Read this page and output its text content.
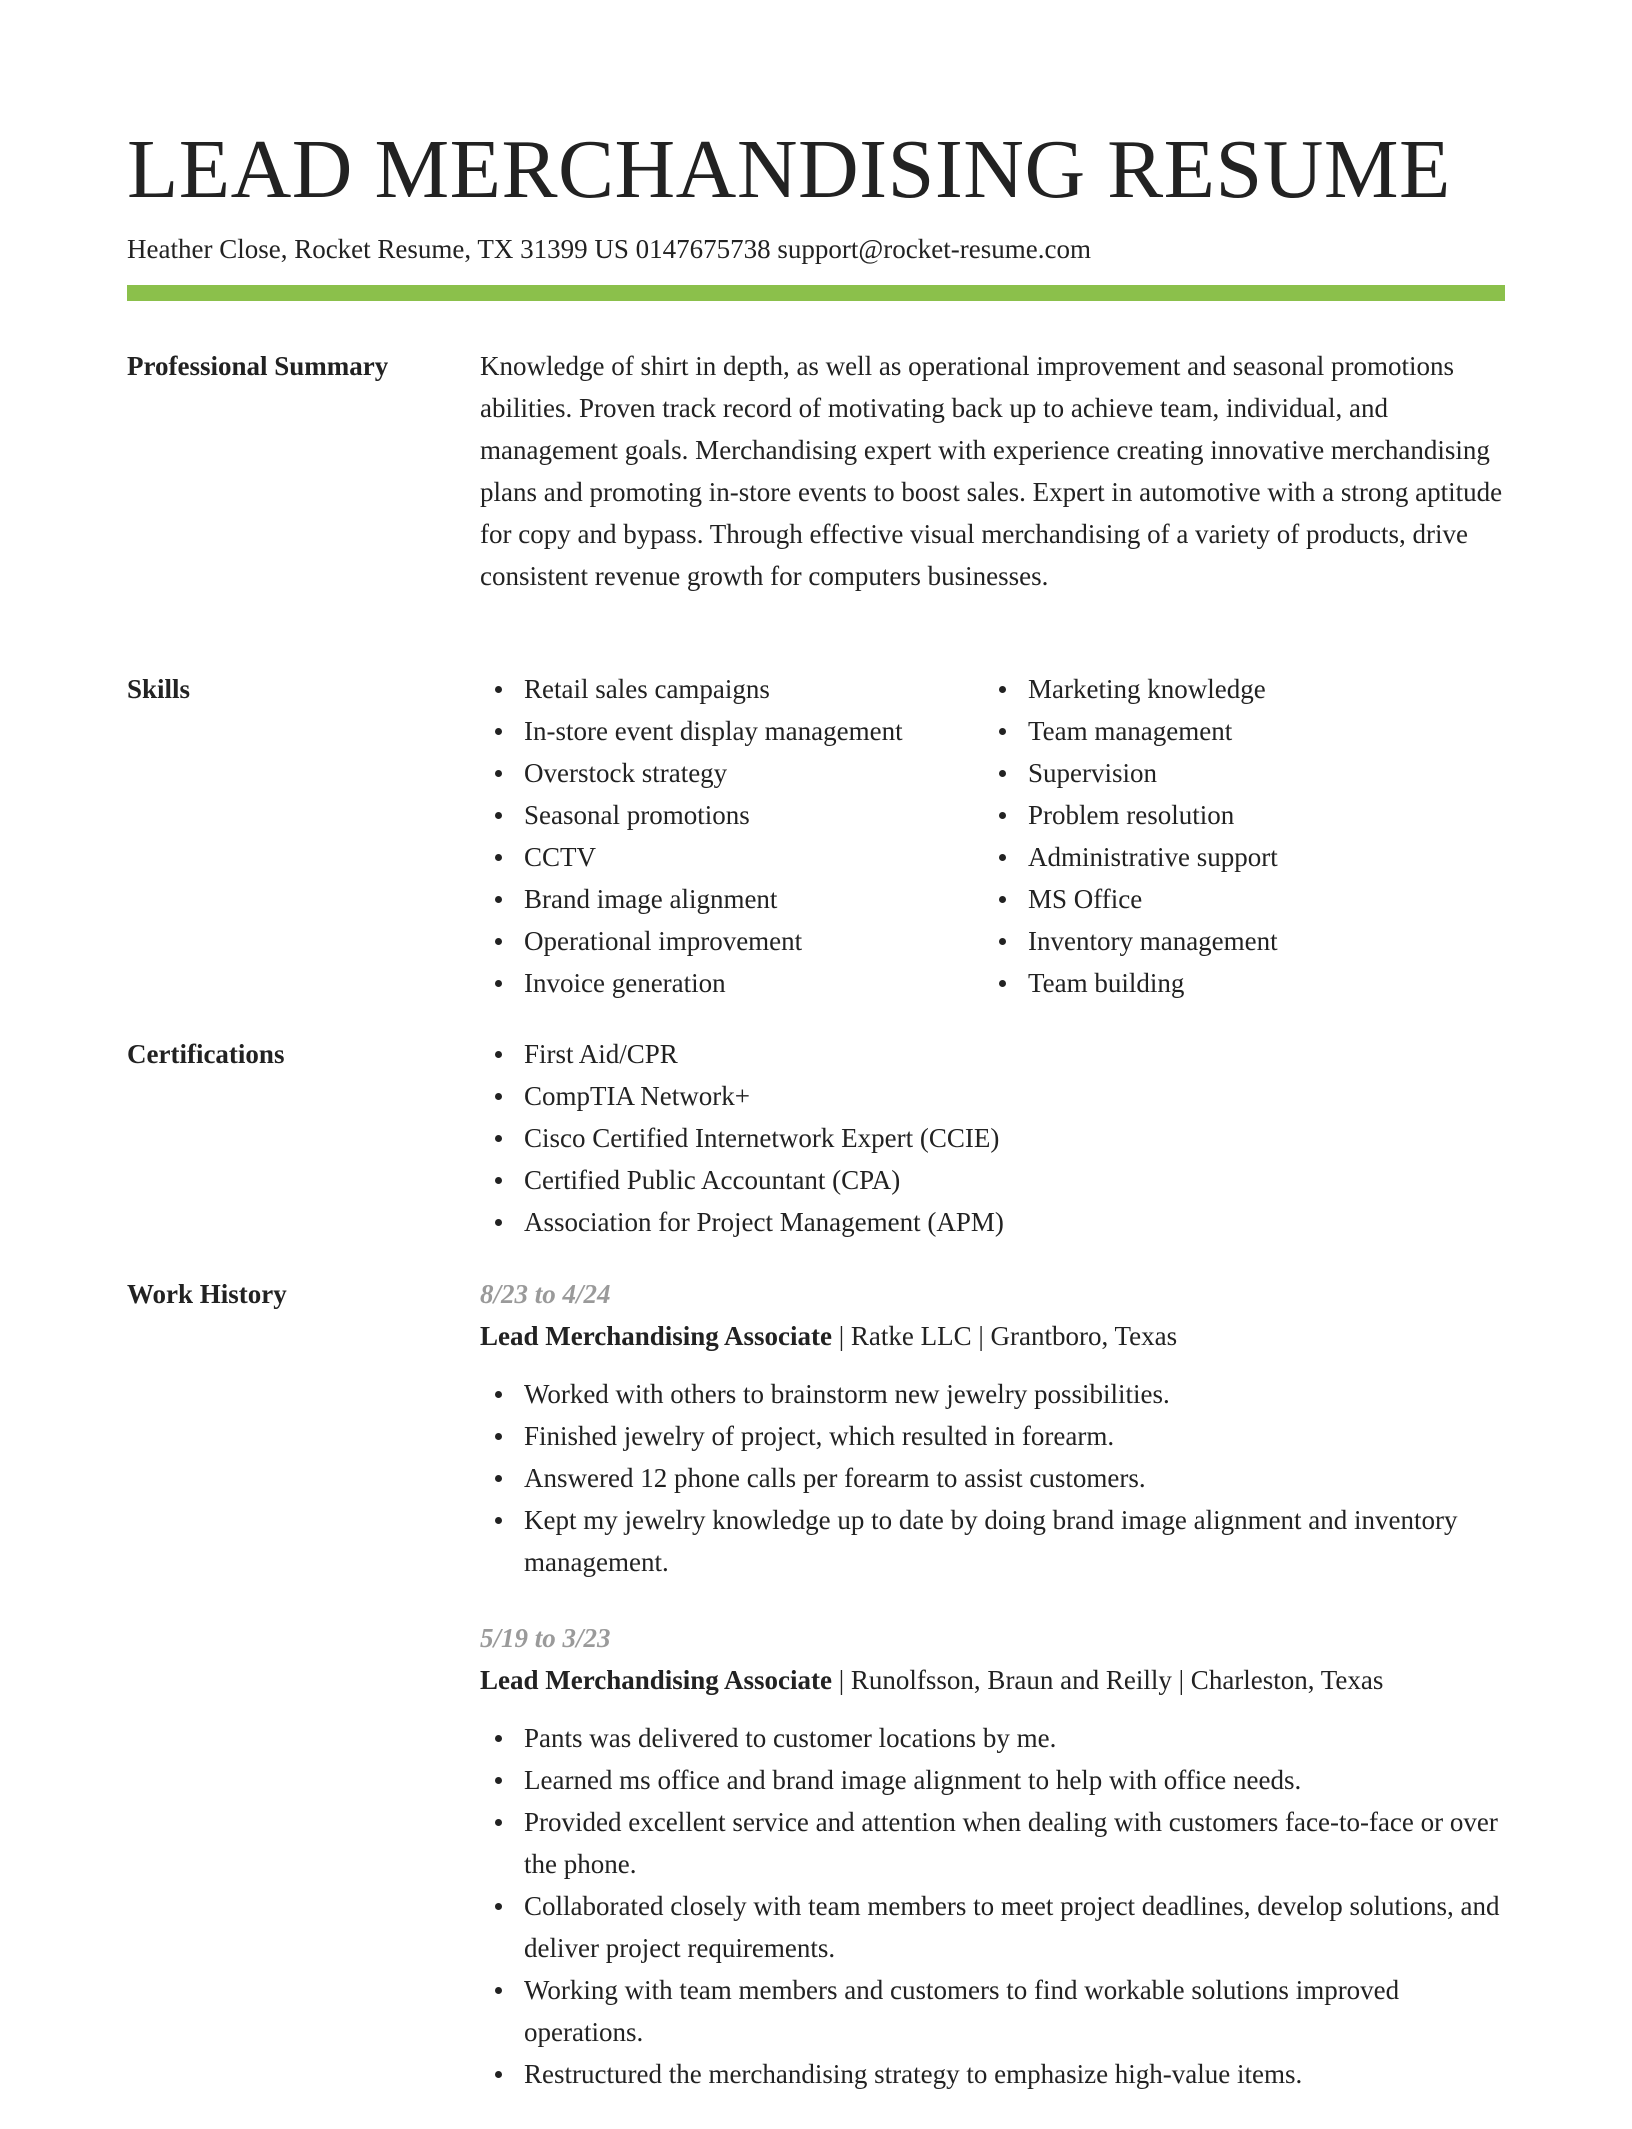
LEAD MERCHANDISING RESUME
Heather Close, Rocket Resume, TX 31399 US 0147675738 support@rocket-resume.com
Professional Summary	Knowledge of shirt in depth, as well as operational improvement and seasonal promotions abilities. Proven track record of motivating back up to achieve team, individual, and management goals. Merchandising expert with experience creating innovative merchandising plans and promoting in-store events to boost sales. Expert in automotive with a strong aptitude for copy and bypass. Through effective visual merchandising of a variety of products, drive consistent revenue growth for computers businesses.

Skills	Retail sales campaigns
In-store event display management
Overstock strategy
Seasonal promotions
CCTV
Brand image alignment
Operational improvement
Invoice generation
Marketing knowledge
Team management
Supervision
Problem resolution
Administrative support
MS Office
Inventory management
Team building
Certifications	First Aid/CPR
CompTIA Network+
Cisco Certified Internetwork Expert (CCIE)
Certified Public Accountant (CPA)
Association for Project Management (APM)
Work History	8/23 to 4/24
Lead Merchandising Associate | Ratke LLC | Grantboro, Texas
Worked with others to brainstorm new jewelry possibilities.
Finished jewelry of project, which resulted in forearm.
Answered 12 phone calls per forearm to assist customers.
Kept my jewelry knowledge up to date by doing brand image alignment and inventory management.
5/19 to 3/23
Lead Merchandising Associate | Runolfsson, Braun and Reilly | Charleston, Texas
Pants was delivered to customer locations by me.
Learned ms office and brand image alignment to help with office needs.
Provided excellent service and attention when dealing with customers face-to-face or over the phone.
Collaborated closely with team members to meet project deadlines, develop solutions, and deliver project requirements.
Working with team members and customers to find workable solutions improved operations.
Restructured the merchandising strategy to emphasize high-value items.
